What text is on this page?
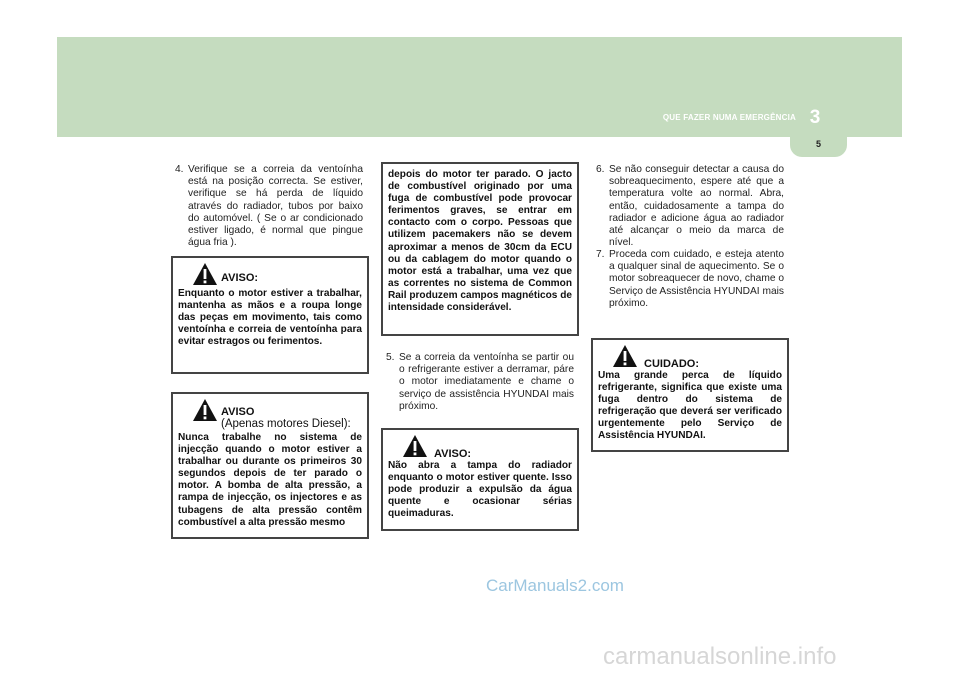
QUE FAZER NUMA EMERGÊNCIA 3
5
4. Verifique se a correia da ventoínha está na posição correcta. Se estiver, verifique se há perda de líquido através do radiador, tubos por baixo do automóvel. ( Se o ar condicionado estiver ligado, é normal que pingue água fria ).
AVISO:
Enquanto o motor estiver a trabalhar, mantenha as mãos e a roupa longe das peças em movimento, tais como ventoínha e correia de ventoínha para evitar estragos ou ferimentos.
AVISO
(Apenas motores Diesel):
Nunca trabalhe no sistema de injecção quando o motor estiver a trabalhar ou durante os primeiros 30 segundos depois de ter parado o motor. A bomba de alta pressão, a rampa de injecção, os injectores e as tubagens de alta pressão contêm combustível a alta pressão mesmo
depois do motor ter parado. O jacto de combustível originado por uma fuga de combustível pode provocar ferimentos graves, se entrar em contacto com o corpo. Pessoas que utilizem pacemakers não se devem aproximar a menos de 30cm da ECU ou da cablagem do motor quando o motor está a trabalhar, uma vez que as correntes no sistema de Common Rail produzem campos magnéticos de intensidade considerável.
5. Se a correia da ventoínha se partir ou o refrigerante estiver a derramar, páre o motor imediatamente e chame o serviço de assistência HYUNDAI mais próximo.
AVISO:
Não abra a tampa do radiador enquanto o motor estiver quente. Isso pode produzir a expulsão da água quente e ocasionar sérias queimaduras.
6. Se não conseguir detectar a causa do sobreaquecimento, espere até que a temperatura volte ao normal. Abra, então, cuidadosamente a tampa do radiador e adicione água ao radiador até alcançar o meio da marca de nível.
7. Proceda com cuidado, e esteja atento a qualquer sinal de aquecimento. Se o motor sobreaquecer de novo, chame o Serviço de Assistência HYUNDAI mais próximo.
CUIDADO:
Uma grande perca de líquido refrigerante, significa que existe uma fuga dentro do sistema de refrigeração que deverá ser verificado urgentemente pelo Serviço de Assistência HYUNDAI.
CarManuals2.com
carmanualsonline.info
